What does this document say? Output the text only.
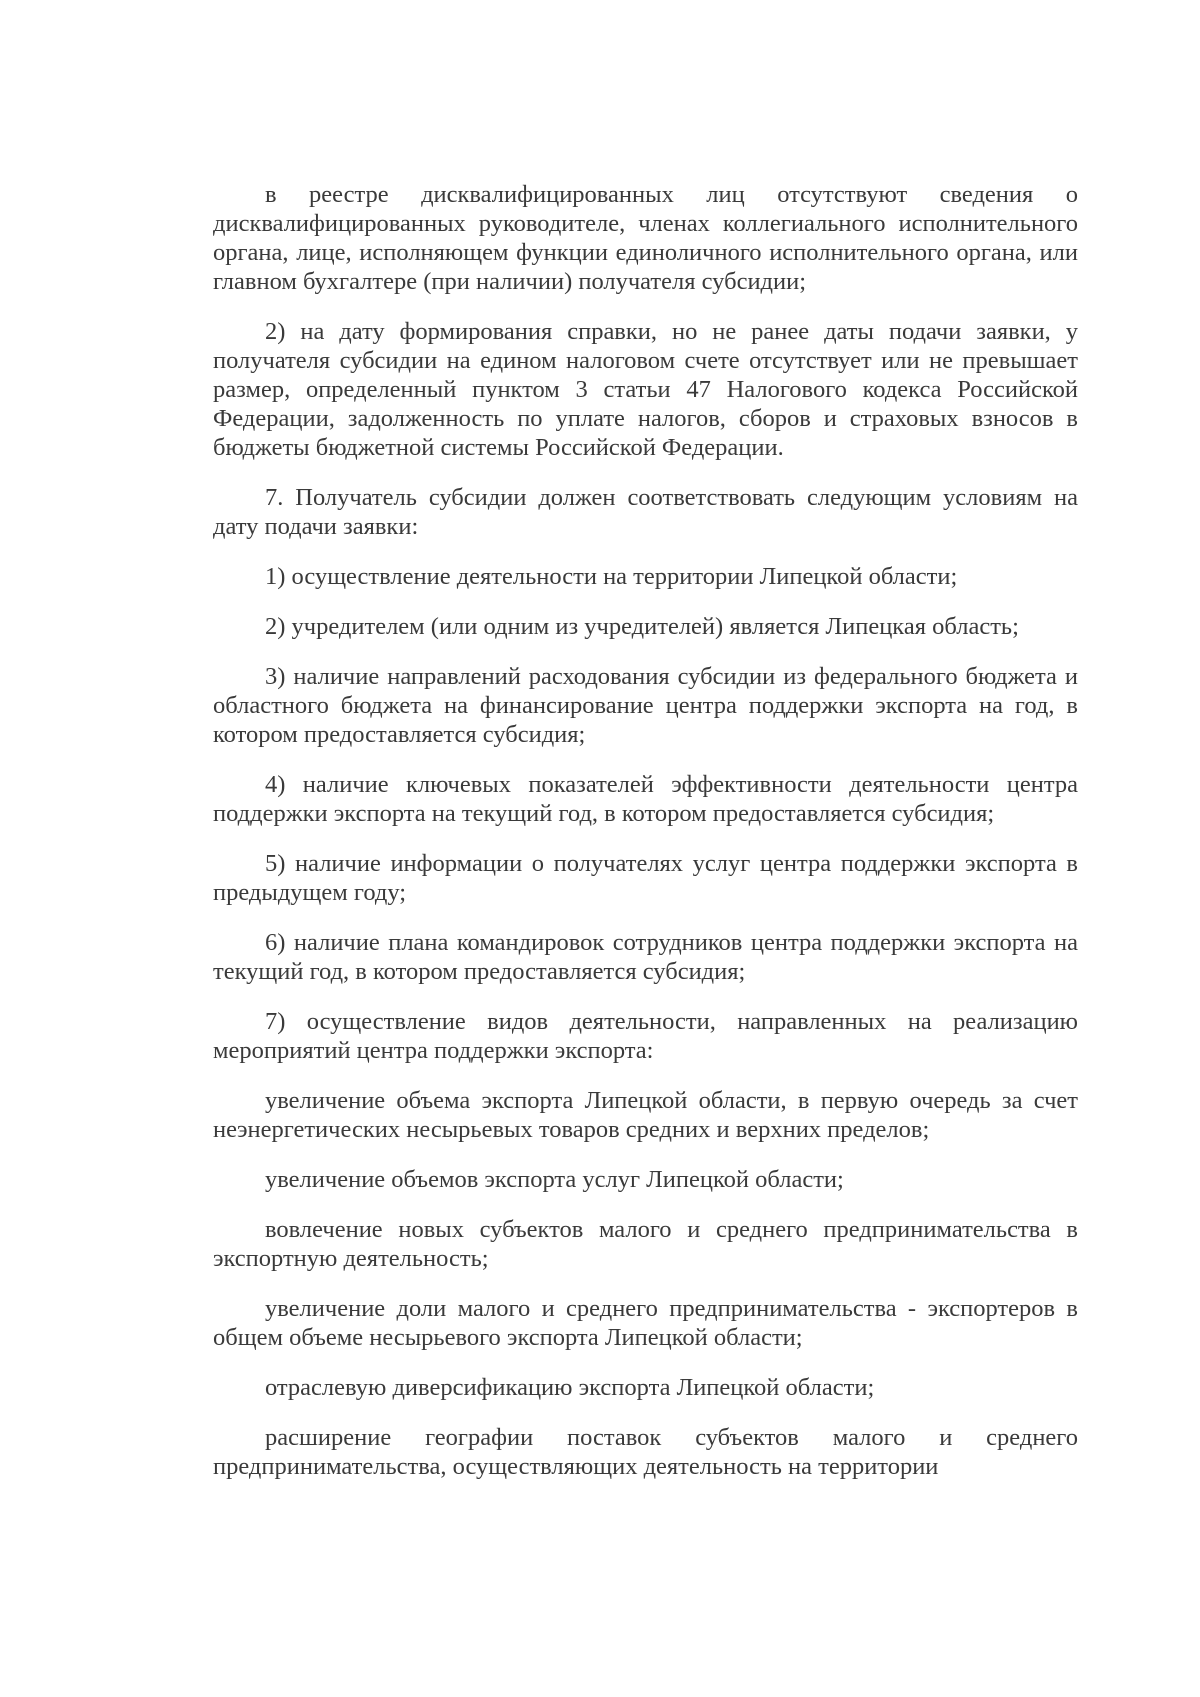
в реестре дисквалифицированных лиц отсутствуют сведения о дисквалифицированных руководителе, членах коллегиального исполнительного органа, лице, исполняющем функции единоличного исполнительного органа, или главном бухгалтере (при наличии) получателя субсидии;

2) на дату формирования справки, но не ранее даты подачи заявки, у получателя субсидии на едином налоговом счете отсутствует или не превышает размер, определенный пунктом 3 статьи 47 Налогового кодекса Российской Федерации, задолженность по уплате налогов, сборов и страховых взносов в бюджеты бюджетной системы Российской Федерации.

7. Получатель субсидии должен соответствовать следующим условиям на дату подачи заявки:

1) осуществление деятельности на территории Липецкой области;

2) учредителем (или одним из учредителей) является Липецкая область;

3) наличие направлений расходования субсидии из федерального бюджета и областного бюджета на финансирование центра поддержки экспорта на год, в котором предоставляется субсидия;

4) наличие ключевых показателей эффективности деятельности центра поддержки экспорта на текущий год, в котором предоставляется субсидия;

5) наличие информации о получателях услуг центра поддержки экспорта в предыдущем году;

6) наличие плана командировок сотрудников центра поддержки экспорта на текущий год, в котором предоставляется субсидия;

7) осуществление видов деятельности, направленных на реализацию мероприятий центра поддержки экспорта:

увеличение объема экспорта Липецкой области, в первую очередь за счет неэнергетических несырьевых товаров средних и верхних пределов;

увеличение объемов экспорта услуг Липецкой области;

вовлечение новых субъектов малого и среднего предпринимательства в экспортную деятельность;

увеличение доли малого и среднего предпринимательства - экспортеров в общем объеме несырьевого экспорта Липецкой области;

отраслевую диверсификацию экспорта Липецкой области;

расширение географии поставок субъектов малого и среднего предпринимательства, осуществляющих деятельность на территории
